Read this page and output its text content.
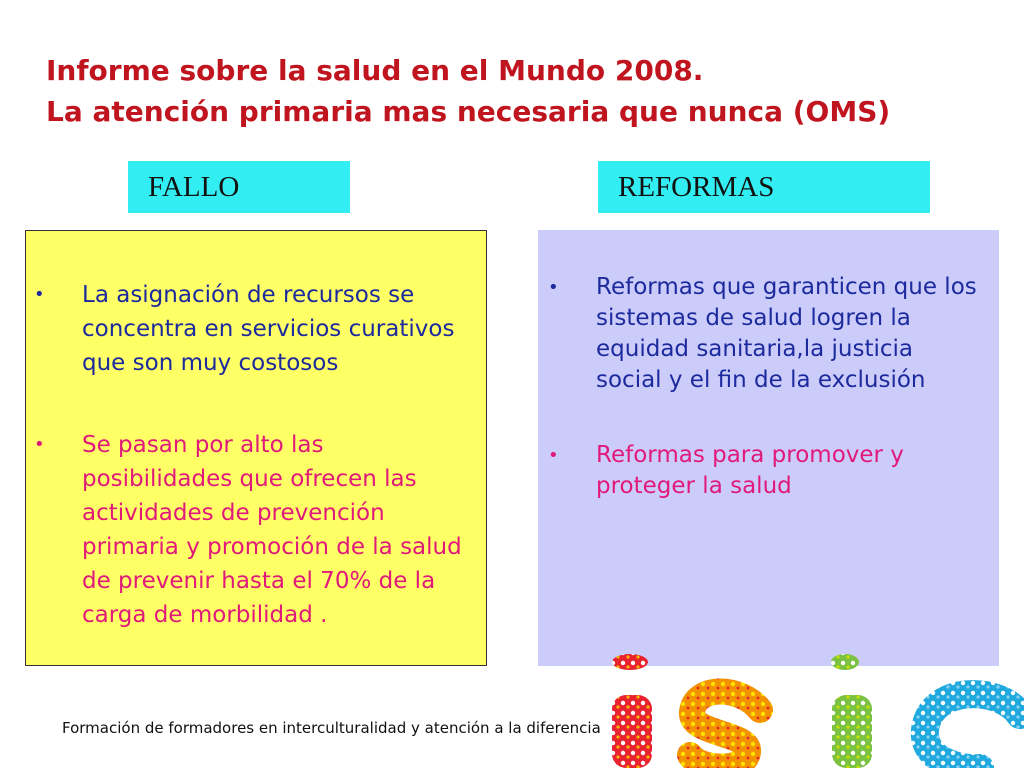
Informe sobre la salud en el Mundo 2008.
La atención primaria mas necesaria que nunca (OMS)
FALLO	REFORMAS
• La asignación de recursos se concentra en servicios curativos que son muy costosos
• Se pasan por alto las posibilidades que ofrecen las actividades de prevención primaria y promoción de la salud de prevenir hasta el 70% de la carga de morbilidad .
• Reformas que garanticen que los sistemas de salud logren la equidad sanitaria,la justicia social y el fin de la exclusión
• Reformas para promover y proteger la salud
Formación de formadores en interculturalidad y atención a la diferencia
